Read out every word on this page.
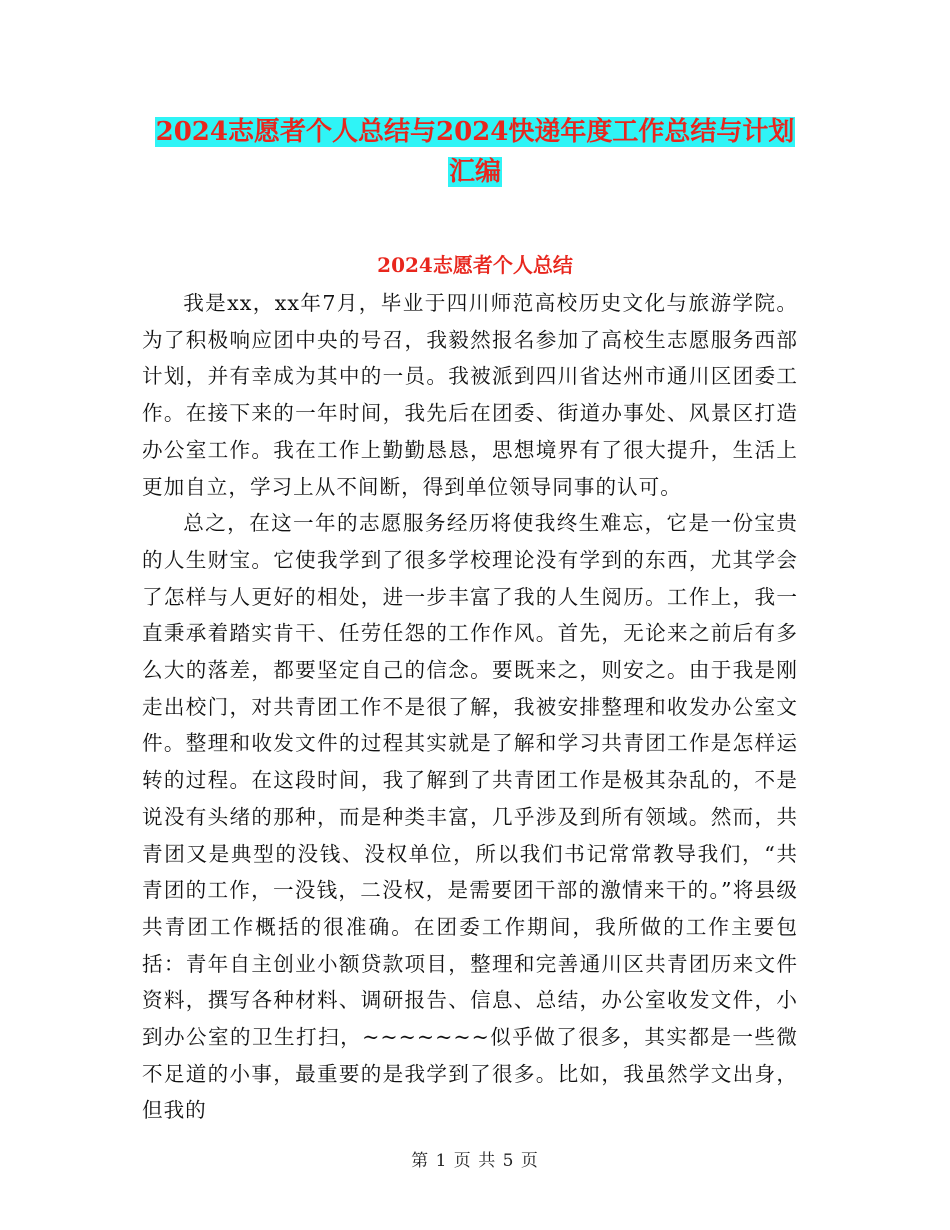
2024志愿者个人总结与2024快递年度工作总结与计划
汇编
2024志愿者个人总结

我是xx，xx年7月，毕业于四川师范高校历史文化与旅游学院。为了积极响应团中央的号召，我毅然报名参加了高校生志愿服务西部计划，并有幸成为其中的一员。我被派到四川省达州市通川区团委工作。在接下来的一年时间，我先后在团委、街道办事处、风景区打造办公室工作。我在工作上勤勤恳恳，思想境界有了很大提升，生活上更加自立，学习上从不间断，得到单位领导同事的认可。

总之，在这一年的志愿服务经历将使我终生难忘，它是一份宝贵的人生财宝。它使我学到了很多学校理论没有学到的东西，尤其学会了怎样与人更好的相处，进一步丰富了我的人生阅历。工作上，我一直秉承着踏实肯干、任劳任怨的工作作风。首先，无论来之前后有多么大的落差，都要坚定自己的信念。要既来之，则安之。由于我是刚走出校门，对共青团工作不是很了解，我被安排整理和收发办公室文件。整理和收发文件的过程其实就是了解和学习共青团工作是怎样运转的过程。在这段时间，我了解到了共青团工作是极其杂乱的，不是说没有头绪的那种，而是种类丰富，几乎涉及到所有领域。然而，共青团又是典型的没钱、没权单位，所以我们书记常常教导我们，“共青团的工作，一没钱，二没权，是需要团干部的激情来干的。”将县级共青团工作概括的很准确。在团委工作期间，我所做的工作主要包括：青年自主创业小额贷款项目，整理和完善通川区共青团历来文件资料，撰写各种材料、调研报告、信息、总结，办公室收发文件，小到办公室的卫生打扫，~~~~~~~似乎做了很多，其实都是一些微不足道的小事，最重要的是我学到了很多。比如，我虽然学文出身，但我的

第 1 页 共 5 页
